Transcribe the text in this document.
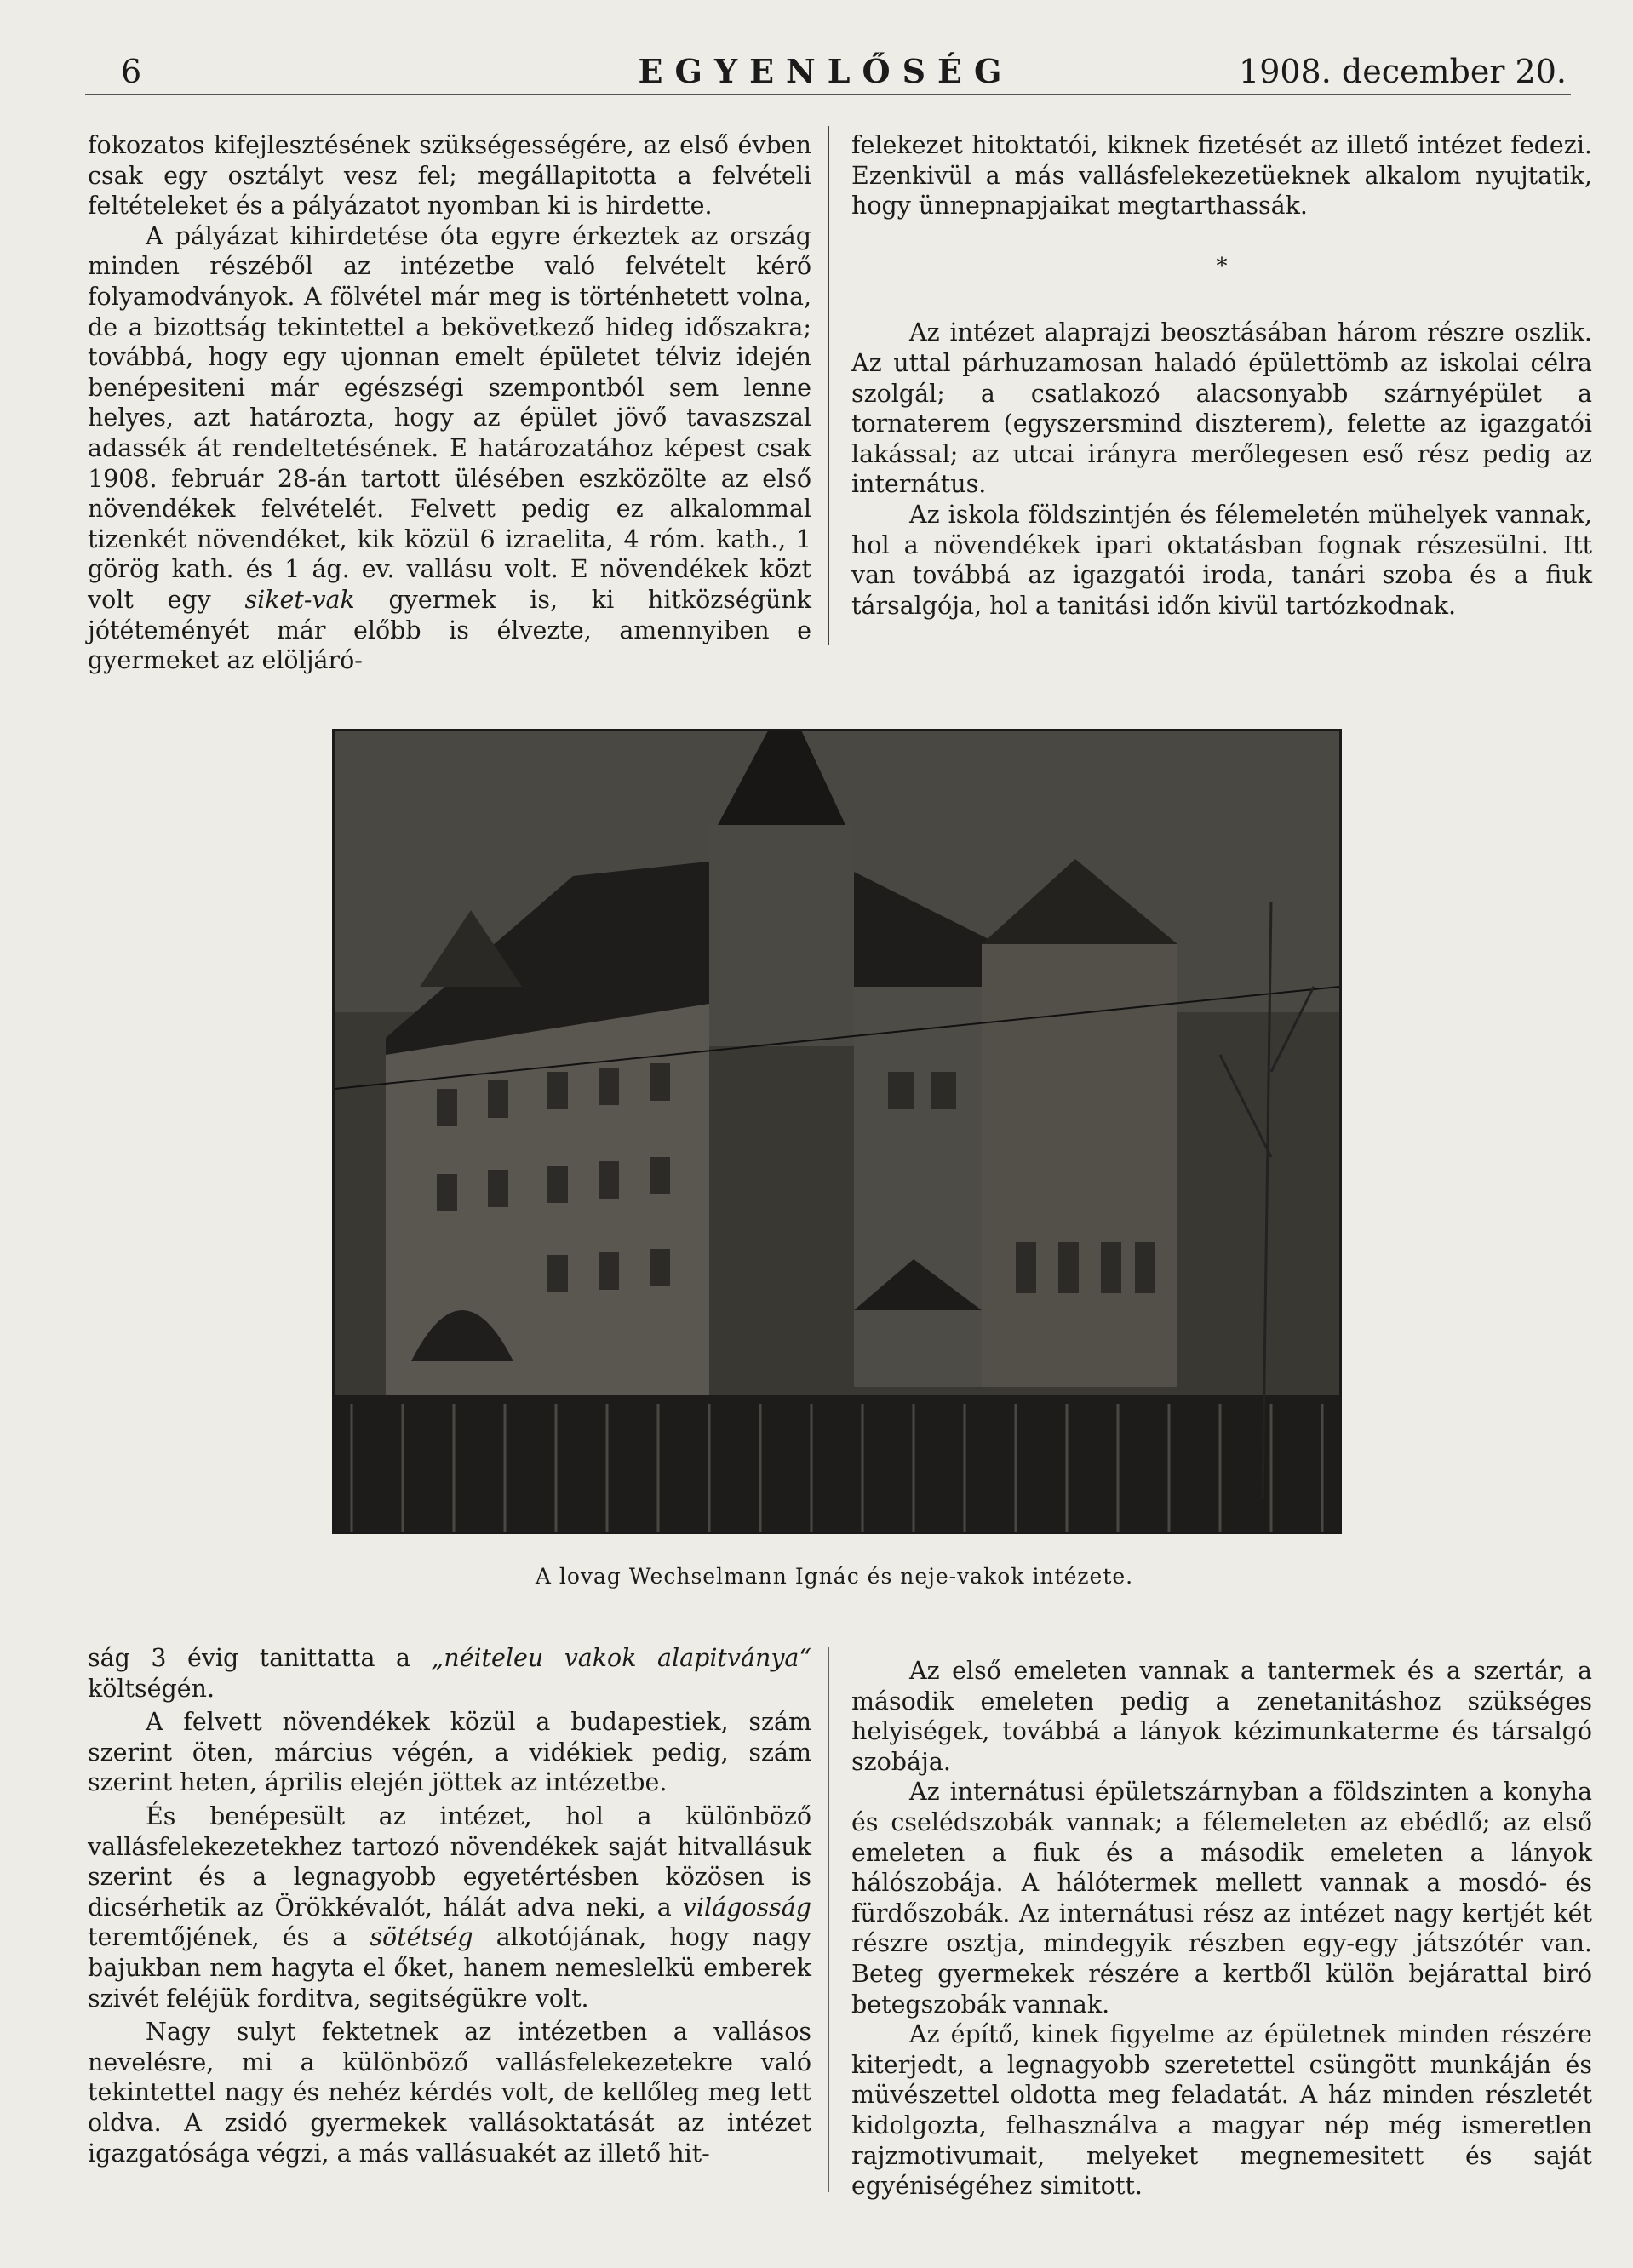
6	EGYENLŐSÉG	1908. december 20.

fokozatos kifejlesztésének szükségességére, az első évben csak egy osztályt vesz fel; megállapitotta a felvételi feltételeket és a pályázatot nyomban ki is hirdette.

A pályázat kihirdetése óta egyre érkeztek az ország minden részéből az intézetbe való felvételt kérő folyamodványok. A fölvétel már meg is történhetett volna, de a bizottság tekintettel a bekövetkező hideg időszakra; továbbá, hogy egy ujonnan emelt épületet télviz idején benépesiteni már egészségi szempontból sem lenne helyes, azt határozta, hogy az épület jövő tavaszszal adassék át rendeltetésének. E határozatához képest csak 1908. február 28-án tartott ülésében eszközölte az első növendékek felvételét. Felvett pedig ez alkalommal tizenkét növendéket, kik közül 6 izraelita, 4 róm. kath., 1 görög kath. és 1 ág. ev. vallásu volt. E növendékek közt volt egy siket-vak gyermek is, ki hitközségünk jótéteményét már előbb is élvezte, amennyiben e gyermeket az elöljáró-

felekezet hitoktatói, kiknek fizetését az illető intézet fedezi. Ezenkivül a más vallásfelekezetüeknek alkalom nyujtatik, hogy ünnepnapjaikat megtarthassák.

*

Az intézet alaprajzi beosztásában három részre oszlik. Az uttal párhuzamosan haladó épülettömb az iskolai célra szolgál; a csatlakozó alacsonyabb szárnyépület a tornaterem (egyszersmind diszterem), felette az igazgatói lakással; az utcai irányra merőlegesen eső rész pedig az internátus.

Az iskola földszintjén és félemeletén mühelyek vannak, hol a növendékek ipari oktatásban fognak részesülni. Itt van továbbá az igazgatói iroda, tanári szoba és a fiuk társalgója, hol a tanitási időn kivül tartózkodnak.

A lovag Wechselmann Ignác és neje-vakok intézete.

ság 3 évig tanittatta a „néiteleu vakok alapitványa“ költségén.

A felvett növendékek közül a budapestiek, szám szerint öten, március végén, a vidékiek pedig, szám szerint heten, április elején jöttek az intézetbe.

És benépesült az intézet, hol a különböző vallásfelekezetekhez tartozó növendékek saját hitvallásuk szerint és a legnagyobb egyetértésben közösen is dicsérhetik az Örökkévalót, hálát adva neki, a világosság teremtőjének, és a sötétség alkotójának, hogy nagy bajukban nem hagyta el őket, hanem nemeslelkü emberek szivét feléjük forditva, segitségükre volt.

Nagy sulyt fektetnek az intézetben a vallásos nevelésre, mi a különböző vallásfelekezetekre való tekintettel nagy és nehéz kérdés volt, de kellőleg meg lett oldva. A zsidó gyermekek vallásoktatását az intézet igazgatósága végzi, a más vallásuakét az illető hit-

Az első emeleten vannak a tantermek és a szertár, a második emeleten pedig a zenetanitáshoz szükséges helyiségek, továbbá a lányok kézimunkaterme és társalgó szobája.

Az internátusi épületszárnyban a földszinten a konyha és cselédszobák vannak; a félemeleten az ebédlő; az első emeleten a fiuk és a második emeleten a lányok hálószobája. A hálótermek mellett vannak a mosdó- és fürdőszobák. Az internátusi rész az intézet nagy kertjét két részre osztja, mindegyik részben egy-egy játszótér van. Beteg gyermekek részére a kertből külön bejárattal biró betegszobák vannak.

Az építő, kinek figyelme az épületnek minden részére kiterjedt, a legnagyobb szeretettel csüngött munkáján és müvészettel oldotta meg feladatát. A ház minden részletét kidolgozta, felhasználva a magyar nép még ismeretlen rajzmotivumait, melyeket megnemesitett és saját egyéniségéhez simitott.
